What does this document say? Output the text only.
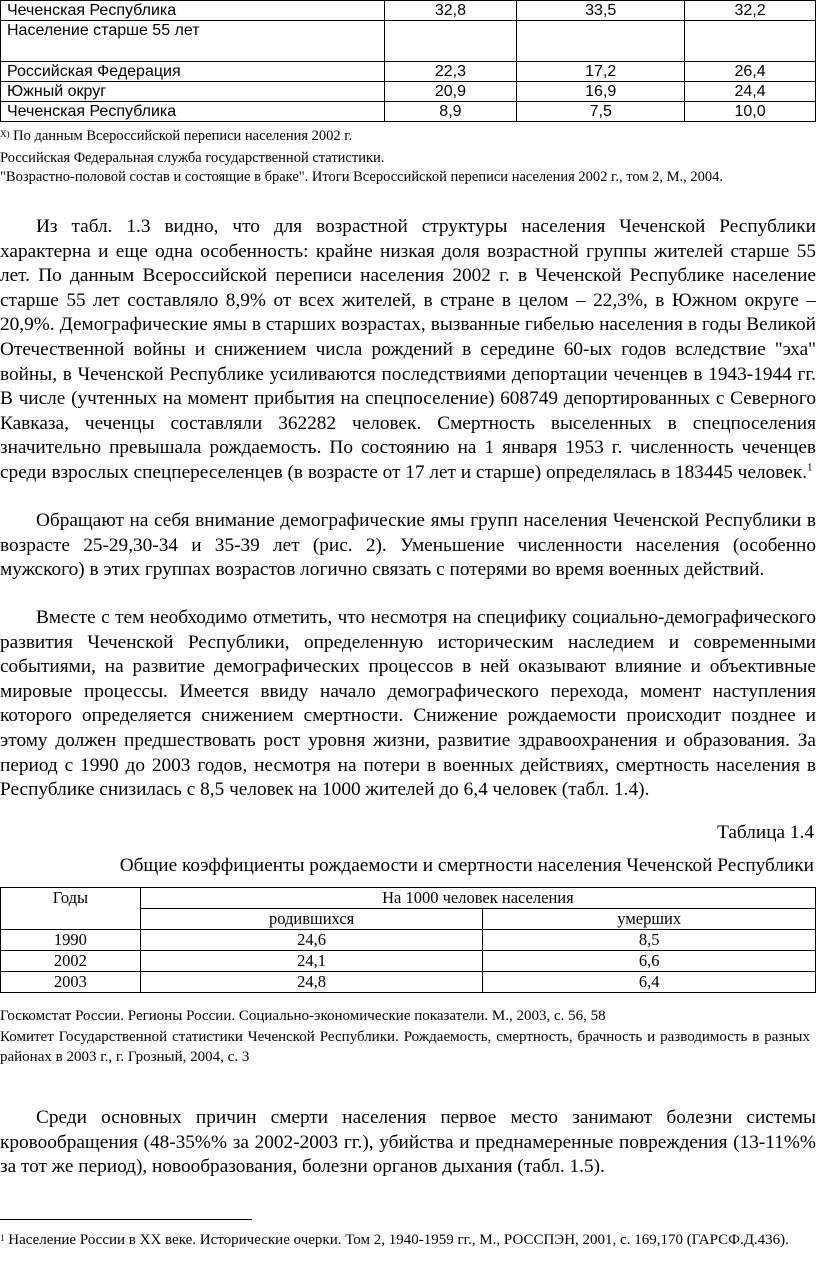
Чеченская Республика	32,8	33,5	32,2
Население старше 55 лет			
Российская Федерация	22,3	17,2	26,4
Южный округ	20,9	16,9	24,4
Чеченская Республика	8,9	7,5	10,0
$^{X)}$ По данным Всероссийской переписи населения 2002 г.
Российская Федеральная служба государственной статистики.
"Возрастно-половой состав и состоящие в браке". Итоги Всероссийской переписи населения 2002 г., том 2, М., 2004.

Из табл. 1.3 видно, что для возрастной структуры населения Чеченской Республики характерна и еще одна особенность: крайне низкая доля возрастной группы жителей старше 55 лет. По данным Всероссийской переписи населения 2002 г. в Чеченской Республике население старше 55 лет составляло 8,9% от всех жителей, в стране в целом – 22,3%, в Южном округе – 20,9%. Демографические ямы в старших возрастах, вызванные гибелью населения в годы Великой Отечественной войны и снижением числа рождений в середине 60-ых годов вследствие "эха" войны, в Чеченской Республике усиливаются последствиями депортации чеченцев в 1943-1944 гг. В числе (учтенных на момент прибытия на спецпоселение) 608749 депортированных с Северного Кавказа, чеченцы составляли 362282 человек. Смертность выселенных в спецпоселения значительно превышала рождаемость. По состоянию на 1 января 1953 г. численность чеченцев среди взрослых спецпереселенцев (в возрасте от 17 лет и старше) определялась в 183445 человек.$^1$

Обращают на себя внимание демографические ямы групп населения Чеченской Республики в возрасте 25-29,30-34 и 35-39 лет (рис. 2). Уменьшение численности населения (особенно мужского) в этих группах возрастов логично связать с потерями во время военных действий.

Вместе с тем необходимо отметить, что несмотря на специфику социально-демографического развития Чеченской Республики, определенную историческим наследием и современными событиями, на развитие демографических процессов в ней оказывают влияние и объективные мировые процессы. Имеется ввиду начало демографического перехода, момент наступления которого определяется снижением смертности. Снижение рождаемости происходит позднее и этому должен предшествовать рост уровня жизни, развитие здравоохранения и образования. За период с 1990 до 2003 годов, несмотря на потери в военных действиях, смертность населения в Республике снизилась с 8,5 человек на 1000 жителей до 6,4 человек (табл. 1.4).

Таблица 1.4
Общие коэффициенты рождаемости и смертности населения Чеченской Республики
Годы	На 1000 человек населения	
	родившихся	умерших
1990	24,6	8,5
2002	24,1	6,6
2003	24,8	6,4
Госкомстат России. Регионы России. Социально-экономические показатели. М., 2003, с. 56, 58
Комитет Государственной статистики Чеченской Республики. Рождаемость, смертность, брачность и разводимость в разных районах в 2003 г., г. Грозный, 2004, с. 3

Среди основных причин смерти населения первое место занимают болезни системы кровообращения (48-35%% за 2002-2003 гг.), убийства и преднамеренные повреждения (13-11%% за тот же период), новообразования, болезни органов дыхания (табл. 1.5).

$^1$ Население России в XX веке. Исторические очерки. Том 2, 1940-1959 гг., М., РОССПЭН, 2001, с. 169,170 (ГАРСФ.Д.436).
